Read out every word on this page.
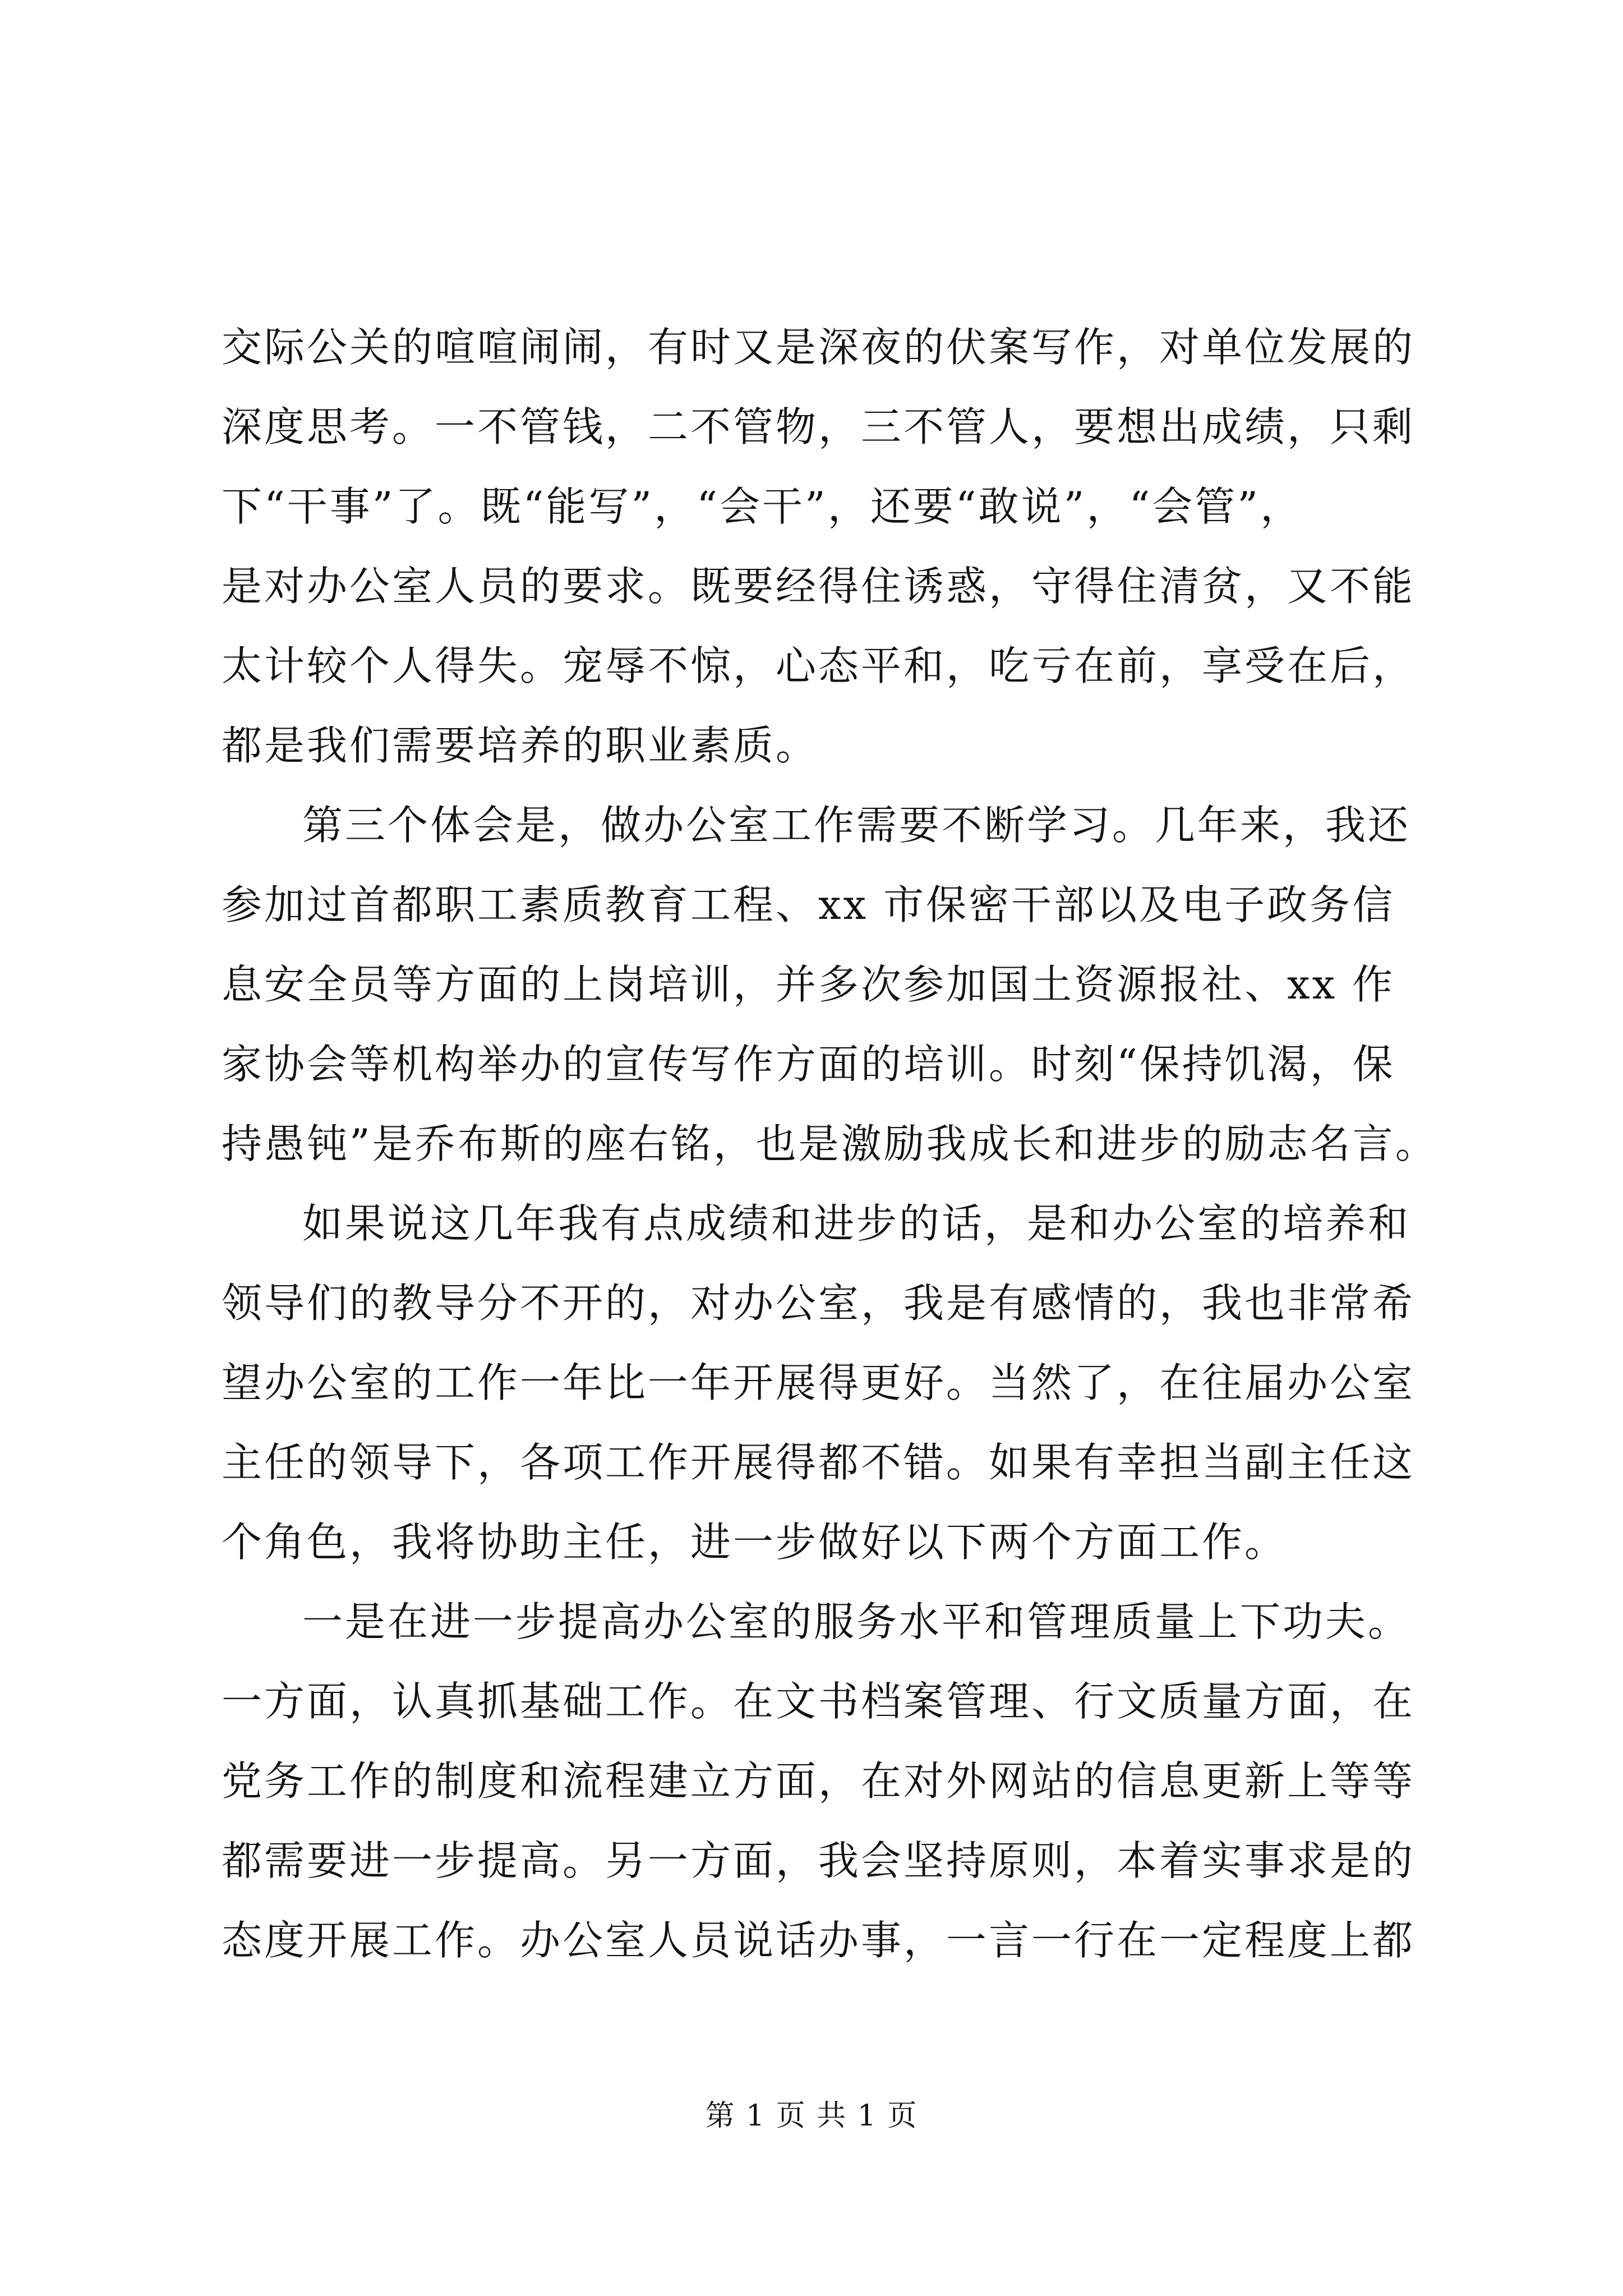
交际公关的喧喧闹闹，有时又是深夜的伏案写作，对单位发展的
深度思考。一不管钱，二不管物，三不管人，要想出成绩，只剩
下“干事”了。既“能写”，“会干”，还要“敢说”，“会管”，
是对办公室人员的要求。既要经得住诱惑，守得住清贫，又不能
太计较个人得失。宠辱不惊，心态平和，吃亏在前，享受在后，
都是我们需要培养的职业素质。
第三个体会是，做办公室工作需要不断学习。几年来，我还
参加过首都职工素质教育工程、xx 市保密干部以及电子政务信
息安全员等方面的上岗培训，并多次参加国土资源报社、xx 作
家协会等机构举办的宣传写作方面的培训。时刻“保持饥渴，保
持愚钝”是乔布斯的座右铭，也是激励我成长和进步的励志名言。
如果说这几年我有点成绩和进步的话，是和办公室的培养和
领导们的教导分不开的，对办公室，我是有感情的，我也非常希
望办公室的工作一年比一年开展得更好。当然了，在往届办公室
主任的领导下，各项工作开展得都不错。如果有幸担当副主任这
个角色，我将协助主任，进一步做好以下两个方面工作。
一是在进一步提高办公室的服务水平和管理质量上下功夫。
一方面，认真抓基础工作。在文书档案管理、行文质量方面，在
党务工作的制度和流程建立方面，在对外网站的信息更新上等等
都需要进一步提高。另一方面，我会坚持原则，本着实事求是的
态度开展工作。办公室人员说话办事，一言一行在一定程度上都
第 1 页 共 1 页
